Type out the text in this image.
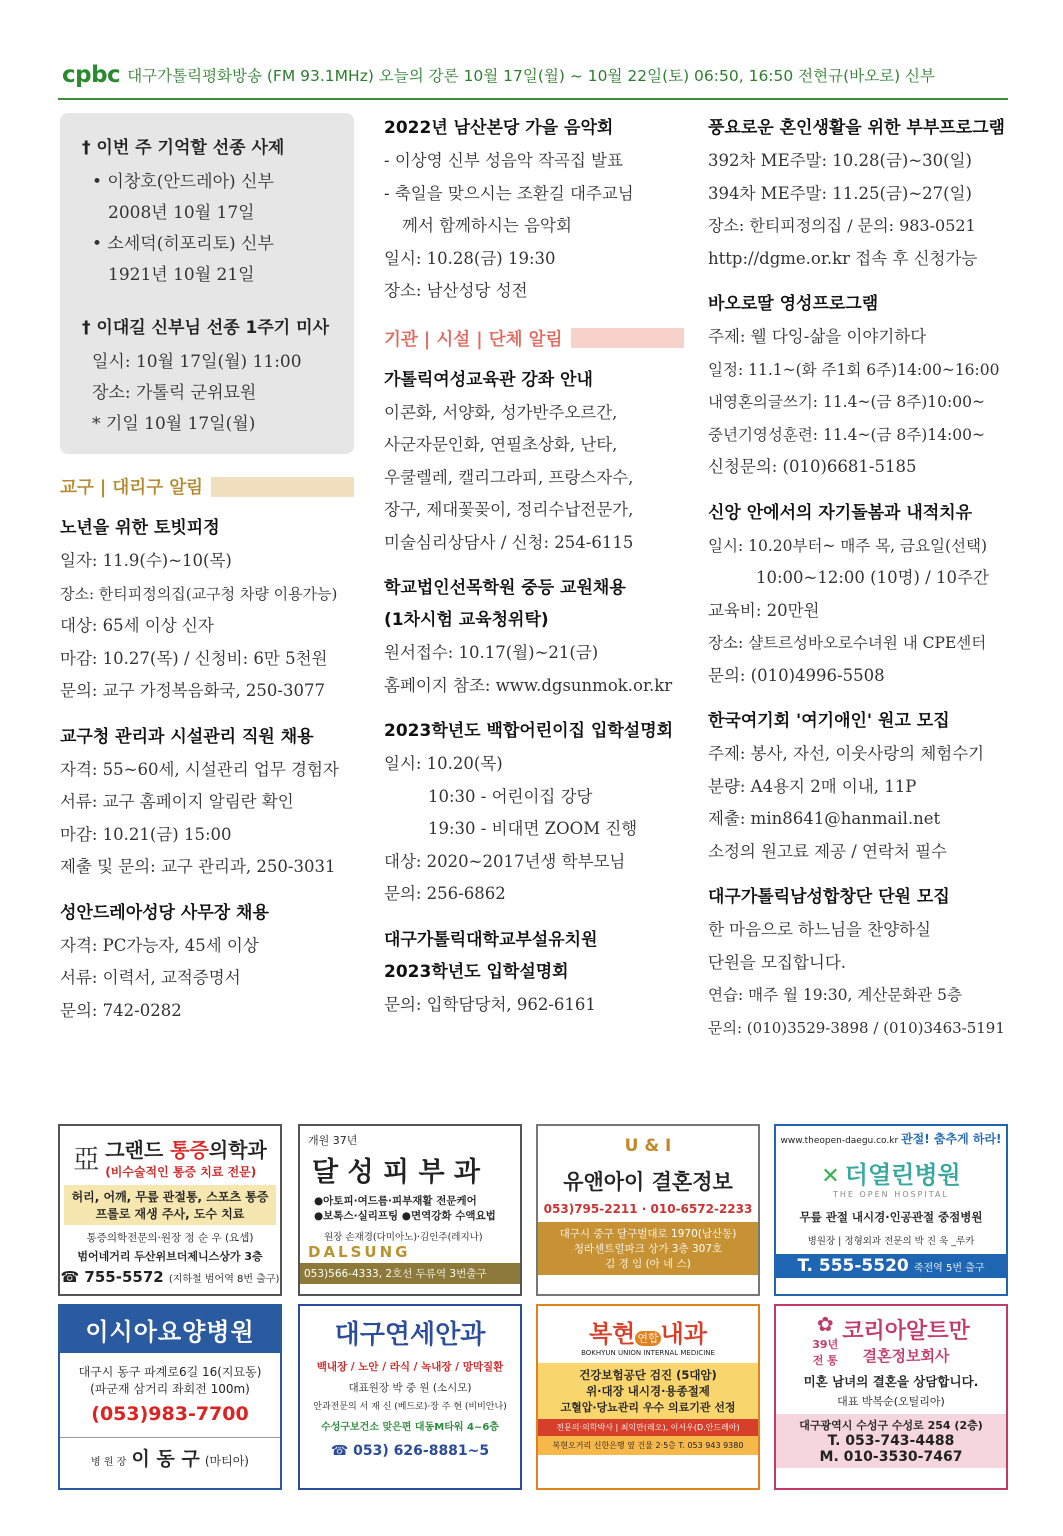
cpbc 대구가톨릭평화방송 (FM 93.1MHz) 오늘의 강론 10월 17일(월) ~ 10월 22일(토) 06:50, 16:50 전현규(바오로) 신부
† 이번 주 기억할 선종 사제
• 이창호(안드레아) 신부
2008년 10월 17일
• 소세덕(히포리토) 신부
1921년 10월 21일
† 이대길 신부님 선종 1주기 미사
일시: 10월 17일(월) 11:00
장소: 가톨릭 군위묘원
* 기일 10월 17일(월)
교구 | 대리구 알림
노년을 위한 토빗피정
일자: 11.9(수)~10(목)
장소: 한티피정의집(교구청 차량 이용가능)
대상: 65세 이상 신자
마감: 10.27(목) / 신청비: 6만 5천원
문의: 교구 가정복음화국, 250-3077
교구청 관리과 시설관리 직원 채용
자격: 55~60세, 시설관리 업무 경험자
서류: 교구 홈페이지 알림란 확인
마감: 10.21(금) 15:00
제출 및 문의: 교구 관리과, 250-3031
성안드레아성당 사무장 채용
자격: PC가능자, 45세 이상
서류: 이력서, 교적증명서
문의: 742-0282
2022년 남산본당 가을 음악회
- 이상영 신부 성음악 작곡집 발표
- 축일을 맞으시는 조환길 대주교님
께서 함께하시는 음악회
일시: 10.28(금) 19:30
장소: 남산성당 성전
기관 | 시설 | 단체 알림
가톨릭여성교육관 강좌 안내
이콘화, 서양화, 성가반주오르간,
사군자문인화, 연필초상화, 난타,
우쿨렐레, 캘리그라피, 프랑스자수,
장구, 제대꽃꽂이, 정리수납전문가,
미술심리상담사 / 신청: 254-6115
학교법인선목학원 중등 교원채용
(1차시험 교육청위탁)
원서접수: 10.17(월)~21(금)
홈페이지 참조: www.dgsunmok.or.kr
2023학년도 백합어린이집 입학설명회
일시: 10.20(목)
10:30 - 어린이집 강당
19:30 - 비대면 ZOOM 진행
대상: 2020~2017년생 학부모님
문의: 256-6862
대구가톨릭대학교부설유치원
2023학년도 입학설명회
문의: 입학담당처, 962-6161
풍요로운 혼인생활을 위한 부부프로그램
392차 ME주말: 10.28(금)~30(일)
394차 ME주말: 11.25(금)~27(일)
장소: 한티피정의집 / 문의: 983-0521
http://dgme.or.kr 접속 후 신청가능
바오로딸 영성프로그램
주제: 웰 다잉-삶을 이야기하다
일정: 11.1~(화 주1회 6주)14:00~16:00
내영혼의글쓰기: 11.4~(금 8주)10:00~
중년기영성훈련: 11.4~(금 8주)14:00~
신청문의: (010)6681-5185
신앙 안에서의 자기돌봄과 내적치유
일시: 10.20부터~ 매주 목, 금요일(선택)
10:00~12:00 (10명) / 10주간
교육비: 20만원
장소: 샬트르성바오로수녀원 내 CPE센터
문의: (010)4996-5508
한국여기회 '여기애인' 원고 모집
주제: 봉사, 자선, 이웃사랑의 체험수기
분량: A4용지 2매 이내, 11P
제출: min8641@hanmail.net
소정의 원고료 제공 / 연락처 필수
대구가톨릭남성합창단 단원 모집
한 마음으로 하느님을 찬양하실
단원을 모집합니다.
연습: 매주 월 19:30, 계산문화관 5층
문의: (010)3529-3898 / (010)3463-5191
亞 그랜드 통증의학과
(비수술적인 통증 치료 전문)
허리, 어깨, 무릎 관절통, 스포츠 통증
프롤로 재생 주사, 도수 치료
통증의학전문의·원장 정 순 우 (요셉)
범어네거리 두산위브더제니스상가 3층
☎ 755-5572 (지하철 범어역 8번 출구)
개원 37년
달 성 피 부 과
●아토피·여드름·피부재활 전문케어
●보톡스·실리프팅 ●면역강화 수액요법
원장 손재경(다미아노)·김인주(레지나)
DALSUNG
053)566-4333, 2호선 두류역 3번출구
U & I
유앤아이 결혼정보
053)795-2211 · 010-6572-2233
대구시 중구 달구벌대로 1970(남산동)
청라센트럴파크 상가 3층 307호
김 경 임 (아 네 스)
www.theopen-daegu.co.kr 관절! 춤추게 하라!
✕ 더열린병원
THE OPEN HOSPITAL
무릎 관절 내시경·인공관절 중점병원
병원장 | 정형외과 전문의 박 진 욱 _루카
T. 555-5520 죽전역 5번 출구
이시아요양병원
대구시 동구 파계로6길 16(지묘동)
(파군재 삼거리 좌회전 100m)
(053)983-7700
병 원 장 이 동 구 (마티아)
대구연세안과
백내장 / 노안 / 라식 / 녹내장 / 망막질환
대표원장 박 중 원 (소시모)
안과전문의 서 재 신 (베드로)·장 주 현 (비비안나)
수성구보건소 맞은편 대동M타워 4~6층
☎ 053) 626-8881~5
복현 연합내과
BOKHYUN UNION INTERNAL MEDICINE
건강보험공단 검진 (5대암)
위·대장 내시경·용종절제
고혈압·당뇨관리 우수 의료기관 선정
전문의·의학박사 | 최익만(레오), 이서우(D.안드레아)
복현오거리 신한은행 옆 건물 2·5층 T. 053 943 9380
✿
39년
전 통
코리아알트만
결혼정보회사
미혼 남녀의 결혼을 상담합니다.
대표 박복순(오틸리아)
대구광역시 수성구 수성로 254 (2층)
T. 053-743-4488
M. 010-3530-7467
